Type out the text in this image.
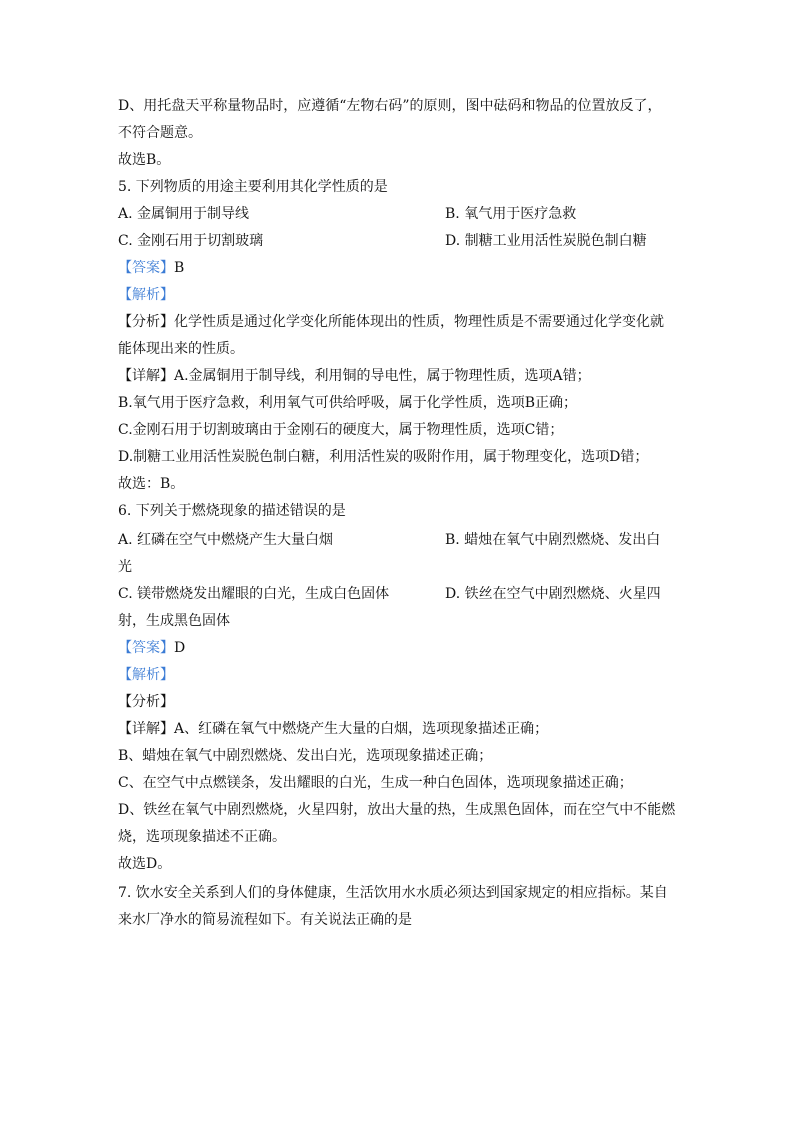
D、用托盘天平称量物品时，应遵循“左物右码”的原则，图中砝码和物品的位置放反了，
不符合题意。
故选B。
5. 下列物质的用途主要利用其化学性质的是
A. 金属铜用于制导线	B. 氧气用于医疗急救
C. 金刚石用于切割玻璃	D. 制糖工业用活性炭脱色制白糖
【答案】B
【解析】
【分析】化学性质是通过化学变化所能体现出的性质，物理性质是不需要通过化学变化就
能体现出来的性质。
【详解】A.金属铜用于制导线，利用铜的导电性，属于物理性质，选项A错；
B.氧气用于医疗急救，利用氧气可供给呼吸，属于化学性质，选项B正确；
C.金刚石用于切割玻璃由于金刚石的硬度大，属于物理性质，选项C错；
D.制糖工业用活性炭脱色制白糖，利用活性炭的吸附作用，属于物理变化，选项D错；
故选：B。
6. 下列关于燃烧现象的描述错误的是
A. 红磷在空气中燃烧产生大量白烟	B. 蜡烛在氧气中剧烈燃烧、发出白
光
C. 镁带燃烧发出耀眼的白光，生成白色固体	D. 铁丝在空气中剧烈燃烧、火星四
射，生成黑色固体
【答案】D
【解析】
【分析】
【详解】A、红磷在氧气中燃烧产生大量的白烟，选项现象描述正确；
B、蜡烛在氧气中剧烈燃烧、发出白光，选项现象描述正确；
C、在空气中点燃镁条，发出耀眼的白光，生成一种白色固体，选项现象描述正确；
D、铁丝在氧气中剧烈燃烧，火星四射，放出大量的热，生成黑色固体，而在空气中不能燃
烧，选项现象描述不正确。
故选D。
7. 饮水安全关系到人们的身体健康，生活饮用水水质必须达到国家规定的相应指标。某自
来水厂净水的简易流程如下。有关说法正确的是
